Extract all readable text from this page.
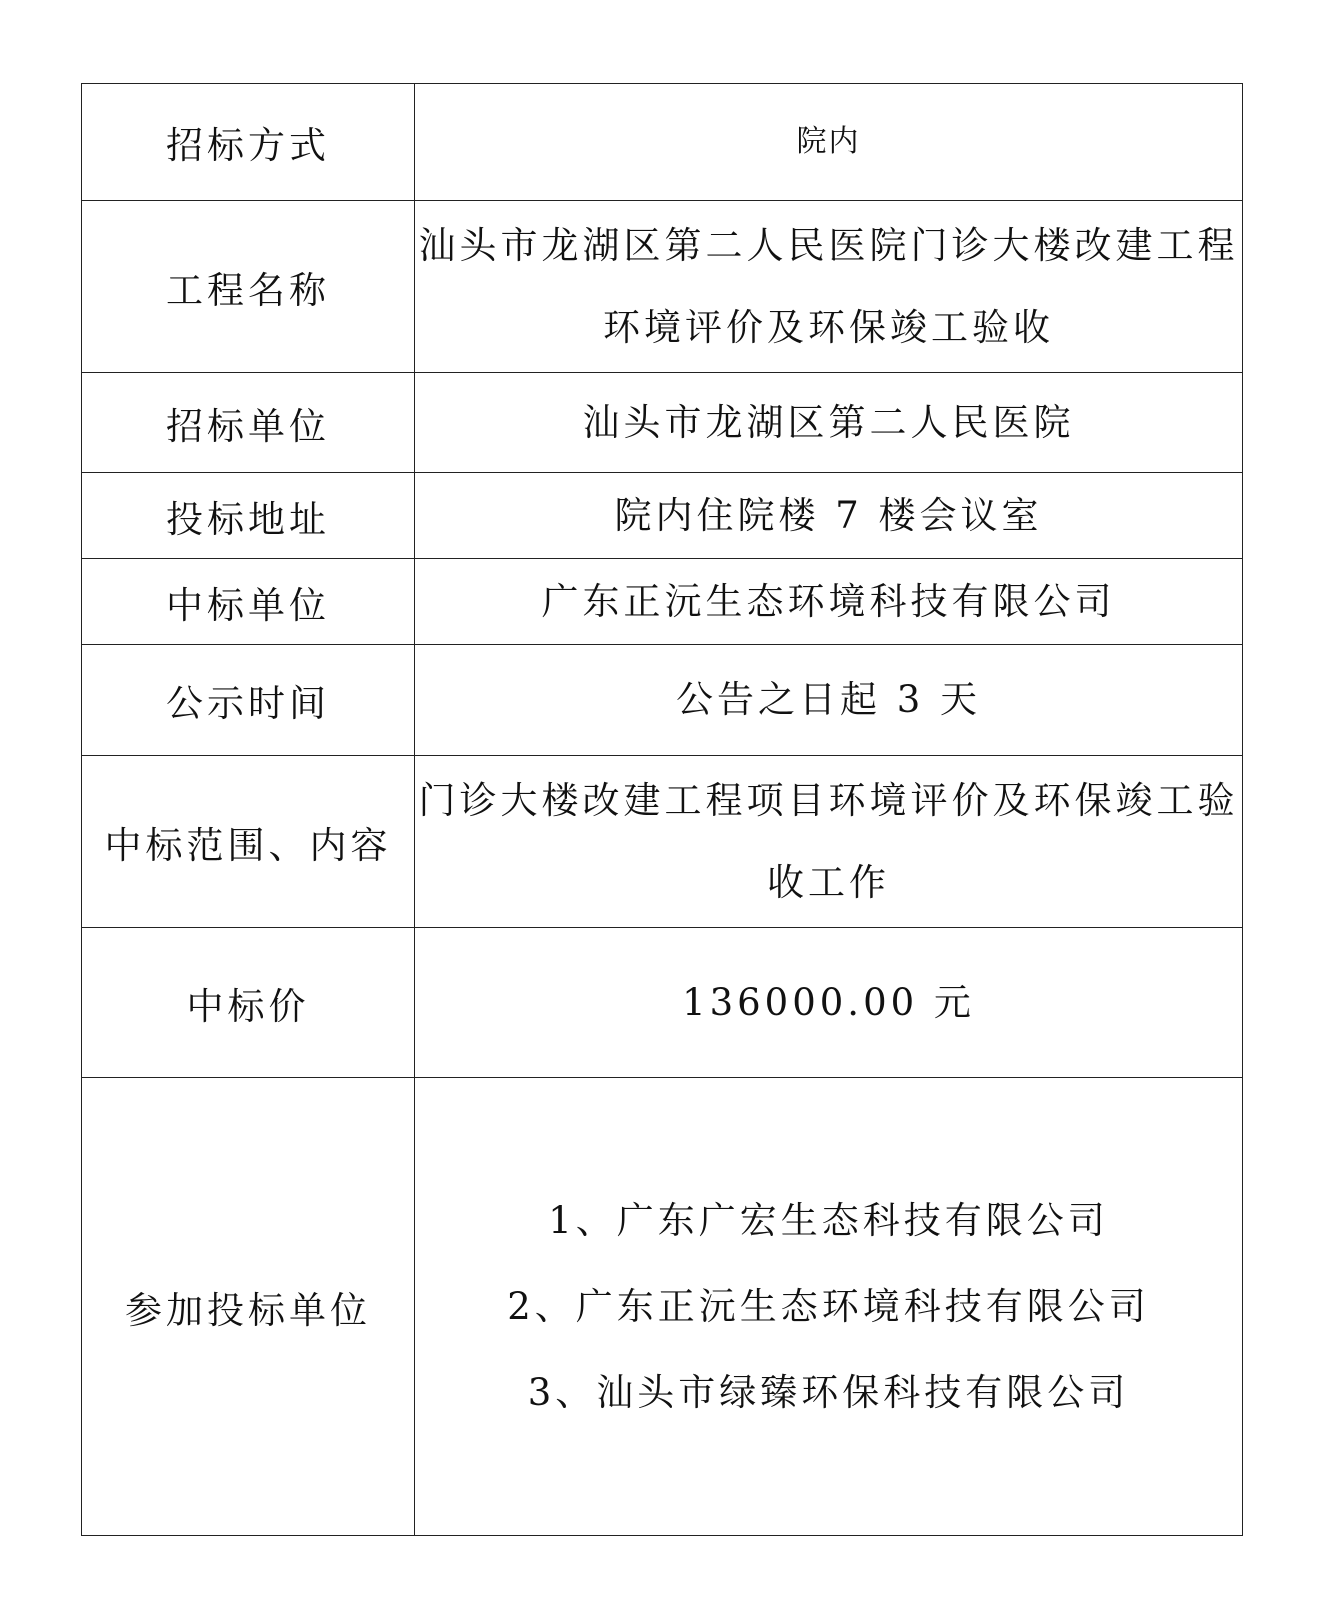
招标方式	院内
工程名称	汕头市龙湖区第二人民医院门诊大楼改建工程环境评价及环保竣工验收
招标单位	汕头市龙湖区第二人民医院
投标地址	院内住院楼 7 楼会议室
中标单位	广东正沅生态环境科技有限公司
公示时间	公告之日起 3 天
中标范围、内容	门诊大楼改建工程项目环境评价及环保竣工验收工作
中标价	136000.00 元
参加投标单位	1、广东广宏生态科技有限公司
2、广东正沅生态环境科技有限公司
3、汕头市绿臻环保科技有限公司
